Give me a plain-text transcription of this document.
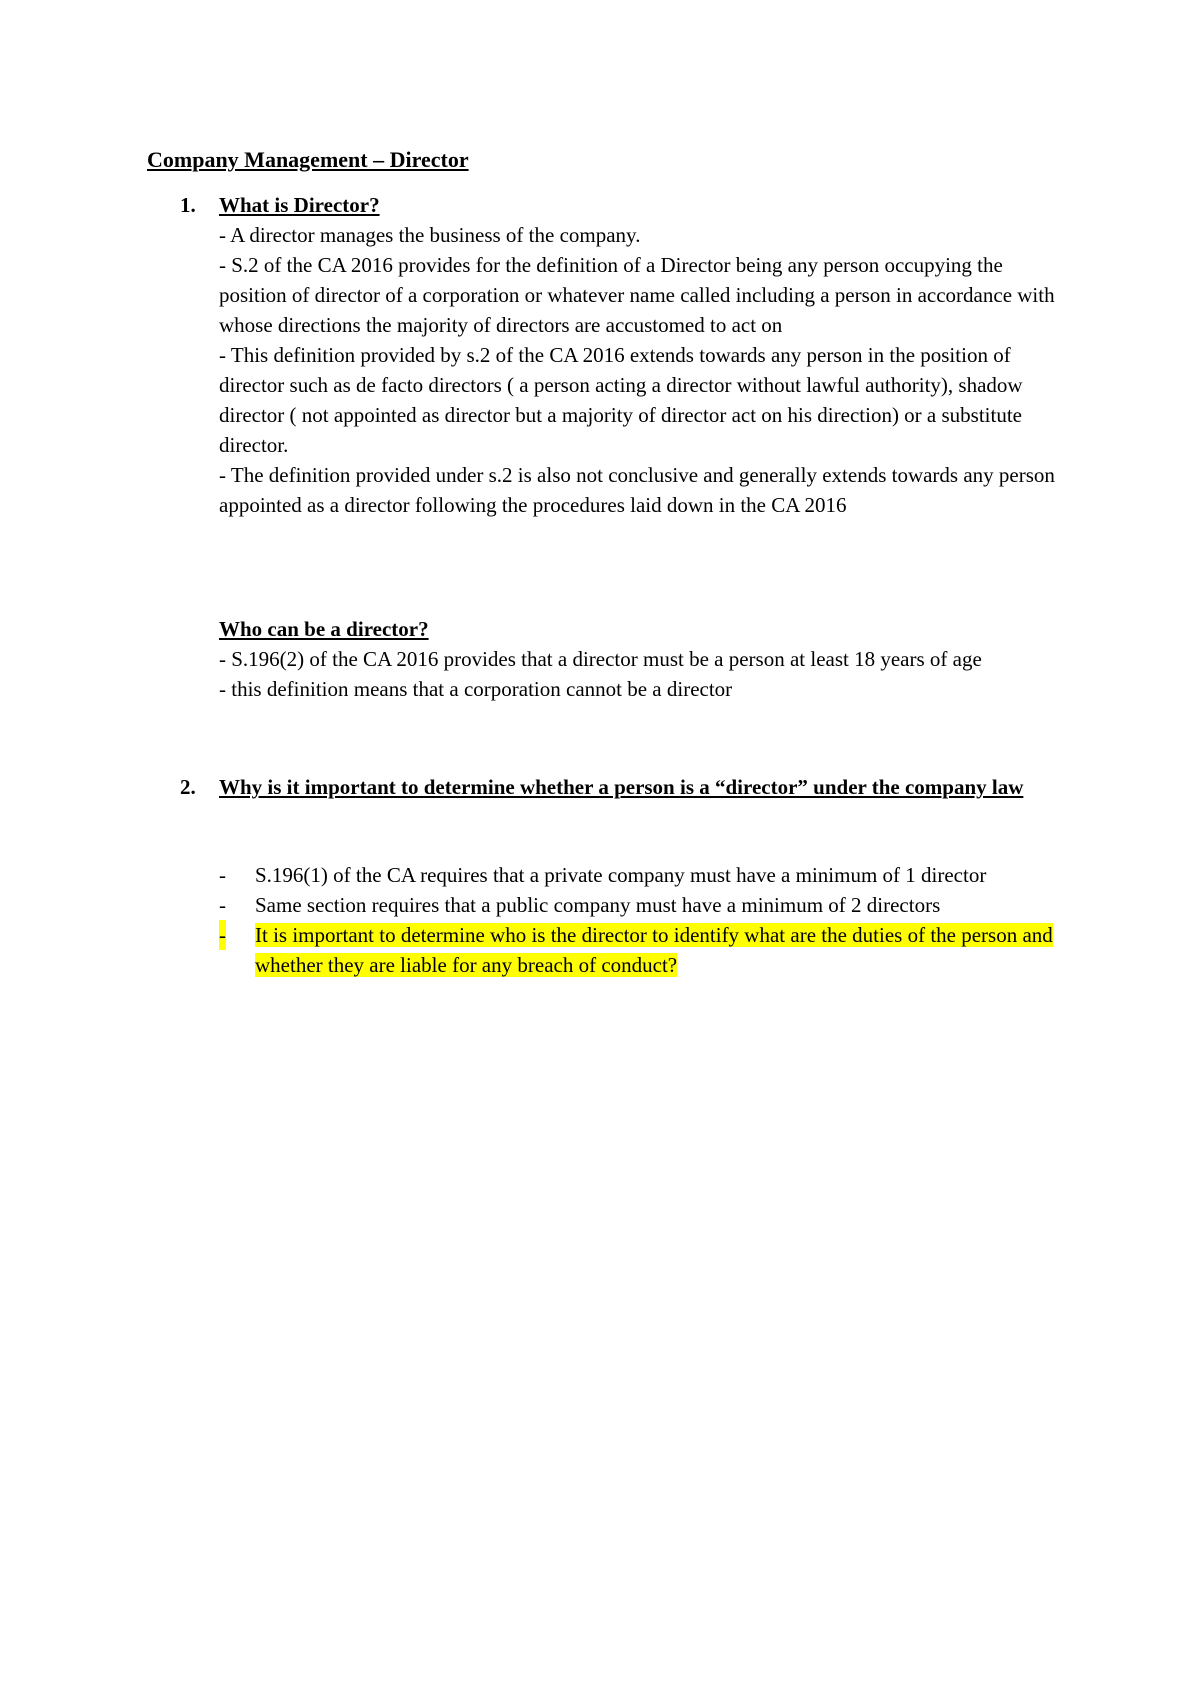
Company Management – Director
1. What is Director?

- A director manages the business of the company.

- S.2 of the CA 2016 provides for the definition of a Director being any person occupying the position of director of a corporation or whatever name called including a person in accordance with whose directions the majority of directors are accustomed to act on

- This definition provided by s.2 of the CA 2016 extends towards any person in the position of director such as de facto directors ( a person acting a director without lawful authority), shadow director ( not appointed as director but a majority of director act on his direction) or a substitute director.

- The definition provided under s.2 is also not conclusive and generally extends towards any person appointed as a director following the procedures laid down in the CA 2016

Who can be a director?

- S.196(2) of the CA 2016 provides that a director must be a person at least 18 years of age

- this definition means that a corporation cannot be a director

2. Why is it important to determine whether a person is a “director” under the company law
- S.196(1) of the CA requires that a private company must have a minimum of 1 director
- Same section requires that a public company must have a minimum of 2 directors
- It is important to determine who is the director to identify what are the duties of the person and whether they are liable for any breach of conduct?
